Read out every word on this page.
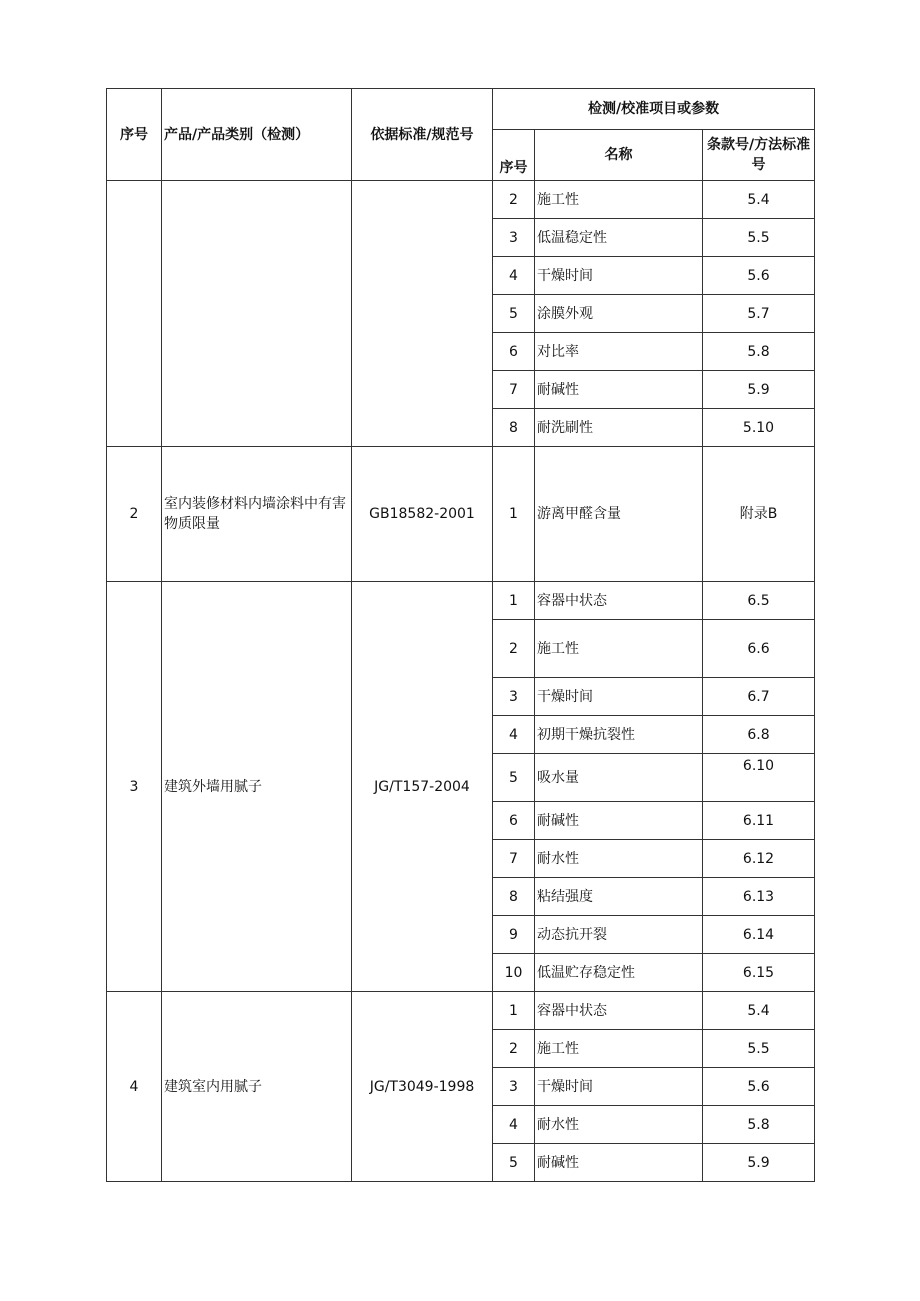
序号	产品/产品类别（检测）	依据标准/规范号	检测/校准项目或参数		
			序号	名称	条款号/方法标准号
			2	施工性	5.4
			3	低温稳定性	5.5
			4	干燥时间	5.6
			5	涂膜外观	5.7
			6	对比率	5.8
			7	耐碱性	5.9
			8	耐洗刷性	5.10
2	室内装修材料内墙涂料中有害物质限量	GB18582-2001	1	游离甲醛含量	附录B
3	建筑外墙用腻子	JG/T157-2004	1	容器中状态	6.5
			2	施工性	6.6
			3	干燥时间	6.7
			4	初期干燥抗裂性	6.8
			5	吸水量	6.10
			6	耐碱性	6.11
			7	耐水性	6.12
			8	粘结强度	6.13
			9	动态抗开裂	6.14
			10	低温贮存稳定性	6.15
4	建筑室内用腻子	JG/T3049-1998	1	容器中状态	5.4
			2	施工性	5.5
			3	干燥时间	5.6
			4	耐水性	5.8
			5	耐碱性	5.9
